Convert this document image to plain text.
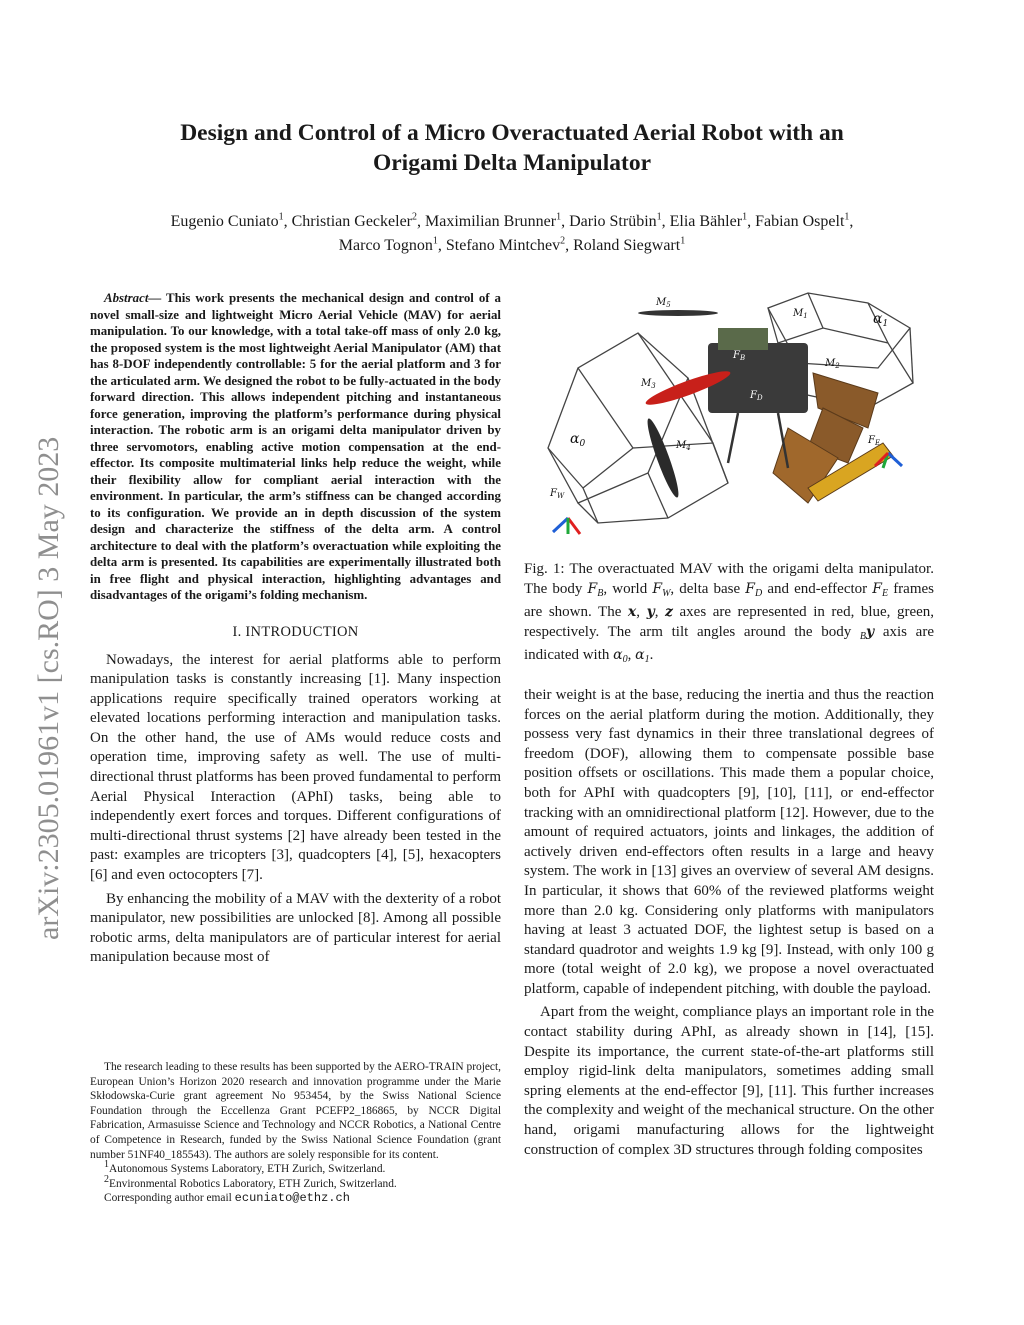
arXiv:2305.01961v1 [cs.RO] 3 May 2023
Design and Control of a Micro Overactuated Aerial Robot with an Origami Delta Manipulator
Eugenio Cuniato$^1$, Christian Geckeler$^2$, Maximilian Brunner$^1$, Dario Strübin$^1$, Elia Bähler$^1$, Fabian Ospelt$^1$,
Marco Tognon$^1$, Stefano Mintchev$^2$, Roland Siegwart$^1$

Abstract— This work presents the mechanical design and control of a novel small-size and lightweight Micro Aerial Vehicle (MAV) for aerial manipulation. To our knowledge, with a total take-off mass of only 2.0 kg, the proposed system is the most lightweight Aerial Manipulator (AM) that has 8-DOF independently controllable: 5 for the aerial platform and 3 for the articulated arm. We designed the robot to be fully-actuated in the body forward direction. This allows independent pitching and instantaneous force generation, improving the platform’s performance during physical interaction. The robotic arm is an origami delta manipulator driven by three servomotors, enabling active motion compensation at the end-effector. Its composite multimaterial links help reduce the weight, while their flexibility allow for compliant aerial interaction with the environment. In particular, the arm’s stiffness can be changed according to its configuration. We provide an in depth discussion of the system design and characterize the stiffness of the delta arm. A control architecture to deal with the platform’s overactuation while exploiting the delta arm is presented. Its capabilities are experimentally illustrated both in free flight and physical interaction, highlighting advantages and disadvantages of the origami’s folding mechanism.

I. INTRODUCTION

Nowadays, the interest for aerial platforms able to perform manipulation tasks is constantly increasing [1]. Many inspection applications require specifically trained operators working at elevated locations performing interaction and manipulation tasks. On the other hand, the use of AMs would reduce costs and operation time, improving safety as well. The use of multi-directional thrust platforms has been proved fundamental to perform Aerial Physical Interaction (APhI) tasks, being able to independently exert forces and torques. Different configurations of multi-directional thrust systems [2] have already been tested in the past: examples are tricopters [3], quadcopters [4], [5], hexacopters [6] and even octocopters [7].

By enhancing the mobility of a MAV with the dexterity of a robot manipulator, new possibilities are unlocked [8]. Among all possible robotic arms, delta manipulators are of particular interest for aerial manipulation because most of

The research leading to these results has been supported by the AERO-TRAIN project, European Union’s Horizon 2020 research and innovation programme under the Marie Skłodowska-Curie grant agreement No 953454, by the Swiss National Science Foundation through the Eccellenza Grant PCEFP2_186865, by NCCR Digital Fabrication, Armasuisse Science and Technology and NCCR Robotics, a National Centre of Competence in Research, funded by the Swiss National Science Foundation (grant number 51NF40_185543). The authors are solely responsible for its content.

$^1$Autonomous Systems Laboratory, ETH Zurich, Switzerland.

$^2$Environmental Robotics Laboratory, ETH Zurich, Switzerland.

Corresponding author email ecuniato@ethz.ch

$M_5$
$M_1$
$M_2$
$M_3$
$M_4$
$F_B$
$F_D$
$F_E$
$F_W$
$\alpha_0$
$\alpha_1$

Fig. 1: The overactuated MAV with the origami delta manipulator. The body $F_B$, world $F_W$, delta base $F_D$ and end-effector $F_E$ frames are shown. The x, y, z axes are represented in red, blue, green, respectively. The arm tilt angles around the body $_B$y axis are indicated with $\alpha_0$, $\alpha_1$.

their weight is at the base, reducing the inertia and thus the reaction forces on the aerial platform during the motion. Additionally, they possess very fast dynamics in their three translational degrees of freedom (DOF), allowing them to compensate possible base position offsets or oscillations. This made them a popular choice, both for APhI with quadcopters [9], [10], [11], or end-effector tracking with an omnidirectional platform [12]. However, due to the amount of required actuators, joints and linkages, the addition of actively driven end-effectors often results in a large and heavy system. The work in [13] gives an overview of several AM designs. In particular, it shows that 60% of the reviewed platforms weight more than 2.0 kg. Considering only platforms with manipulators having at least 3 actuated DOF, the lightest setup is based on a standard quadrotor and weights 1.9 kg [9]. Instead, with only 100 g more (total weight of 2.0 kg), we propose a novel overactuated platform, capable of independent pitching, with double the payload.

Apart from the weight, compliance plays an important role in the contact stability during APhI, as already shown in [14], [15]. Despite its importance, the current state-of-the-art platforms still employ rigid-link delta manipulators, sometimes adding small spring elements at the end-effector [9], [11]. This further increases the complexity and weight of the mechanical structure. On the other hand, origami manufacturing allows for the lightweight construction of complex 3D structures through folding composites
